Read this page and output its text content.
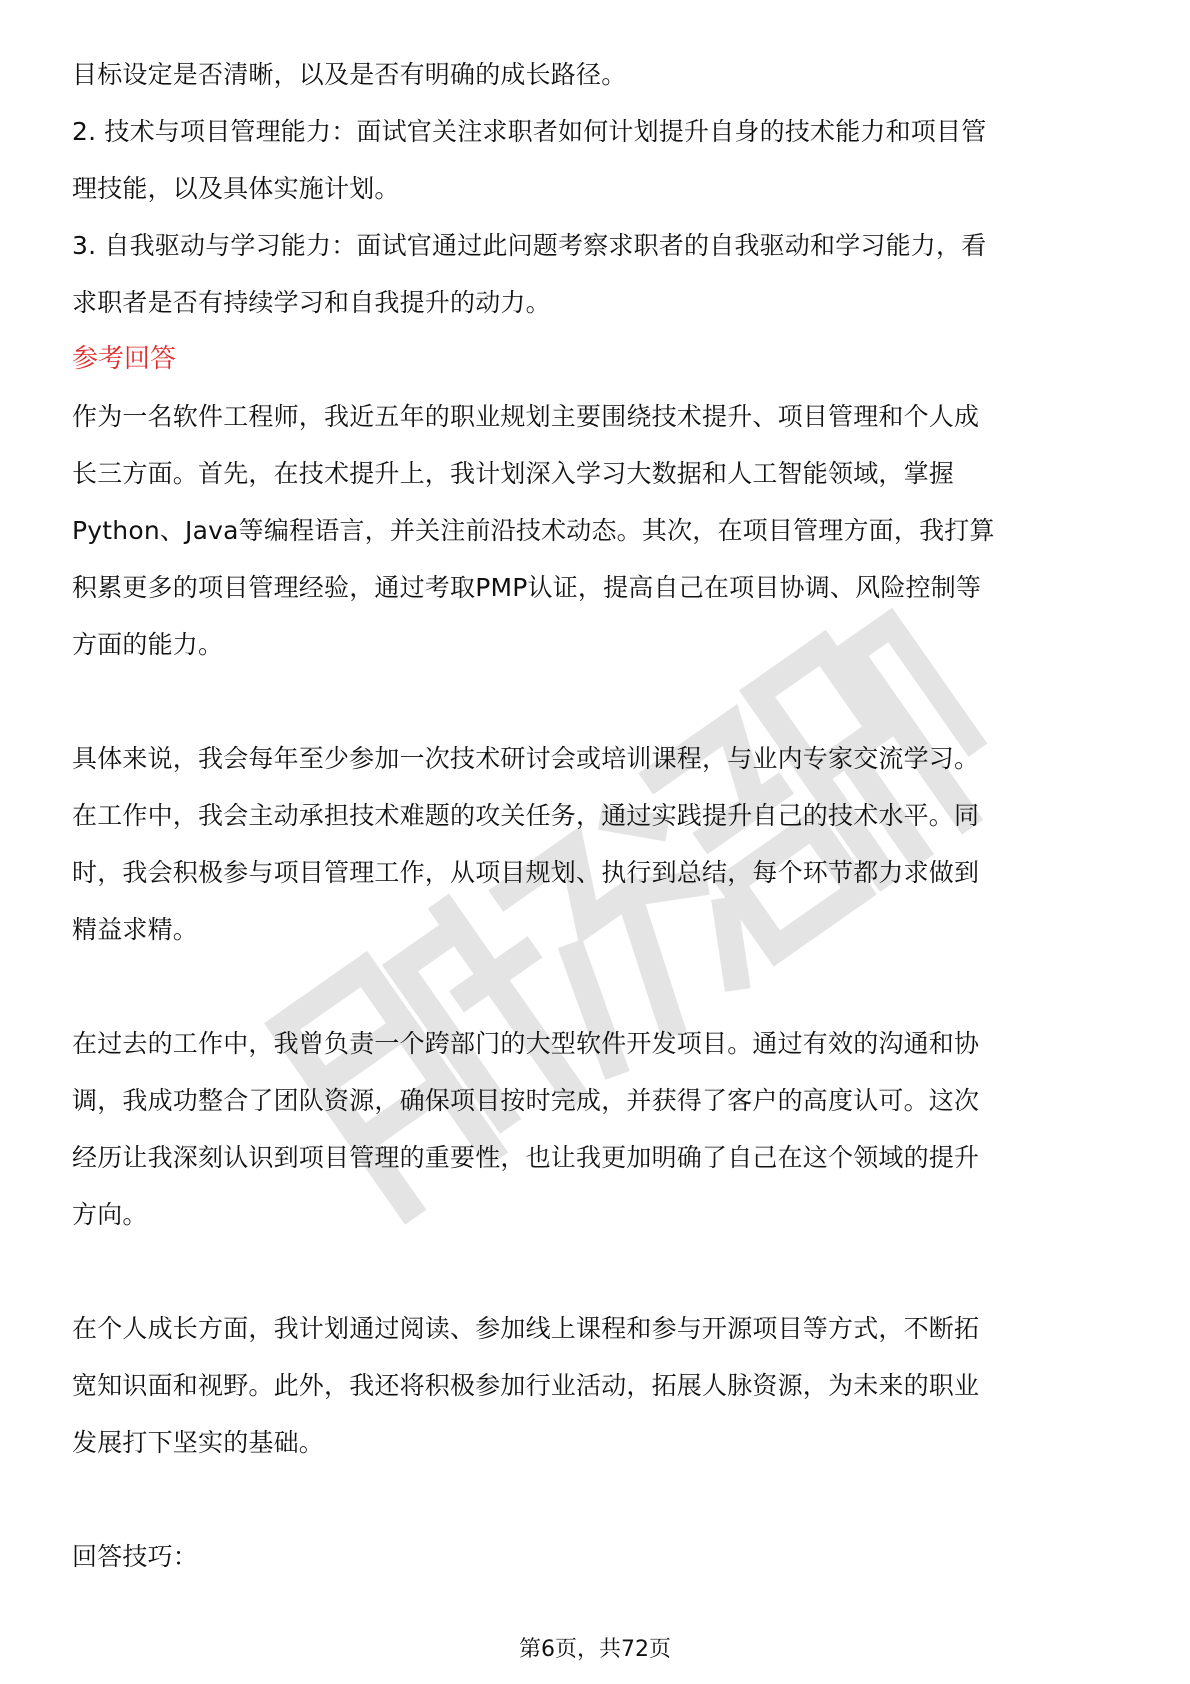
目标设定是否清晰，以及是否有明确的成长路径。

2. 技术与项目管理能力：面试官关注求职者如何计划提升自身的技术能力和项目管

理技能，以及具体实施计划。

3. 自我驱动与学习能力：面试官通过此问题考察求职者的自我驱动和学习能力，看

求职者是否有持续学习和自我提升的动力。

参考回答

作为一名软件工程师，我近五年的职业规划主要围绕技术提升、项目管理和个人成

长三方面。首先，在技术提升上，我计划深入学习大数据和人工智能领域，掌握

Python、Java等编程语言，并关注前沿技术动态。其次，在项目管理方面，我打算

积累更多的项目管理经验，通过考取PMP认证，提高自己在项目协调、风险控制等

方面的能力。

具体来说，我会每年至少参加一次技术研讨会或培训课程，与业内专家交流学习。

在工作中，我会主动承担技术难题的攻关任务，通过实践提升自己的技术水平。同

时，我会积极参与项目管理工作，从项目规划、执行到总结，每个环节都力求做到

精益求精。

在过去的工作中，我曾负责一个跨部门的大型软件开发项目。通过有效的沟通和协

调，我成功整合了团队资源，确保项目按时完成，并获得了客户的高度认可。这次

经历让我深刻认识到项目管理的重要性，也让我更加明确了自己在这个领域的提升

方向。

在个人成长方面，我计划通过阅读、参加线上课程和参与开源项目等方式，不断拓

宽知识面和视野。此外，我还将积极参加行业活动，拓展人脉资源，为未来的职业

发展打下坚实的基础。

回答技巧：

第6页，共72页
